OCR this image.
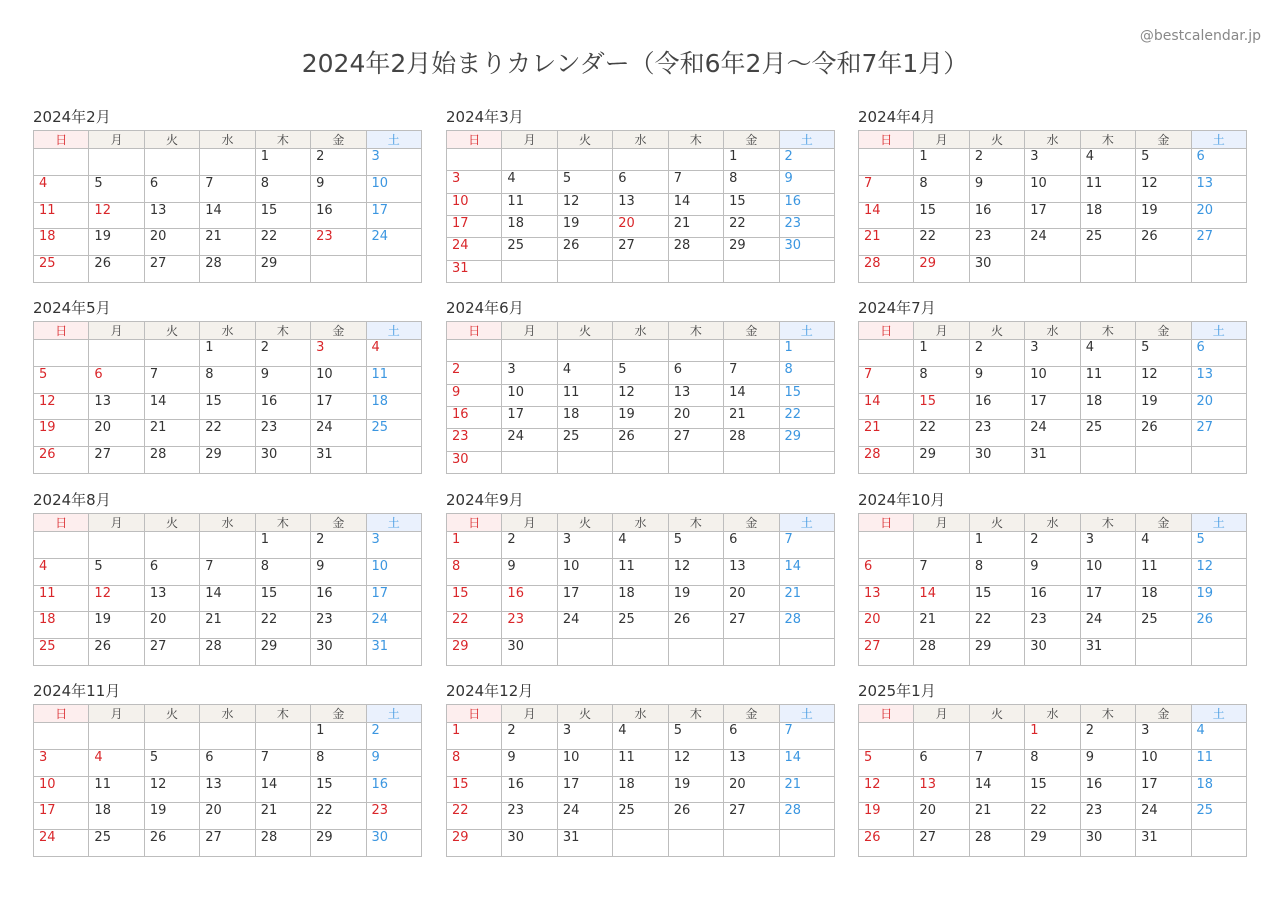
2024年2月始まりカレンダー（令和6年2月〜令和7年1月）
@bestcalendar.jp
2024年2月
日	月	火	水	木	金	土
				1	2	3
4	5	6	7	8	9	10
11	12	13	14	15	16	17
18	19	20	21	22	23	24
25	26	27	28	29		
2024年3月
日	月	火	水	木	金	土
					1	2
3	4	5	6	7	8	9
10	11	12	13	14	15	16
17	18	19	20	21	22	23
24	25	26	27	28	29	30
31						
2024年4月
日	月	火	水	木	金	土
	1	2	3	4	5	6
7	8	9	10	11	12	13
14	15	16	17	18	19	20
21	22	23	24	25	26	27
28	29	30				
2024年5月
日	月	火	水	木	金	土
			1	2	3	4
5	6	7	8	9	10	11
12	13	14	15	16	17	18
19	20	21	22	23	24	25
26	27	28	29	30	31	
2024年6月
日	月	火	水	木	金	土
						1
2	3	4	5	6	7	8
9	10	11	12	13	14	15
16	17	18	19	20	21	22
23	24	25	26	27	28	29
30						
2024年7月
日	月	火	水	木	金	土
	1	2	3	4	5	6
7	8	9	10	11	12	13
14	15	16	17	18	19	20
21	22	23	24	25	26	27
28	29	30	31			
2024年8月
日	月	火	水	木	金	土
				1	2	3
4	5	6	7	8	9	10
11	12	13	14	15	16	17
18	19	20	21	22	23	24
25	26	27	28	29	30	31
2024年9月
日	月	火	水	木	金	土
1	2	3	4	5	6	7
8	9	10	11	12	13	14
15	16	17	18	19	20	21
22	23	24	25	26	27	28
29	30					
2024年10月
日	月	火	水	木	金	土
		1	2	3	4	5
6	7	8	9	10	11	12
13	14	15	16	17	18	19
20	21	22	23	24	25	26
27	28	29	30	31		
2024年11月
日	月	火	水	木	金	土
					1	2
3	4	5	6	7	8	9
10	11	12	13	14	15	16
17	18	19	20	21	22	23
24	25	26	27	28	29	30
2024年12月
日	月	火	水	木	金	土
1	2	3	4	5	6	7
8	9	10	11	12	13	14
15	16	17	18	19	20	21
22	23	24	25	26	27	28
29	30	31				
2025年1月
日	月	火	水	木	金	土
			1	2	3	4
5	6	7	8	9	10	11
12	13	14	15	16	17	18
19	20	21	22	23	24	25
26	27	28	29	30	31	
